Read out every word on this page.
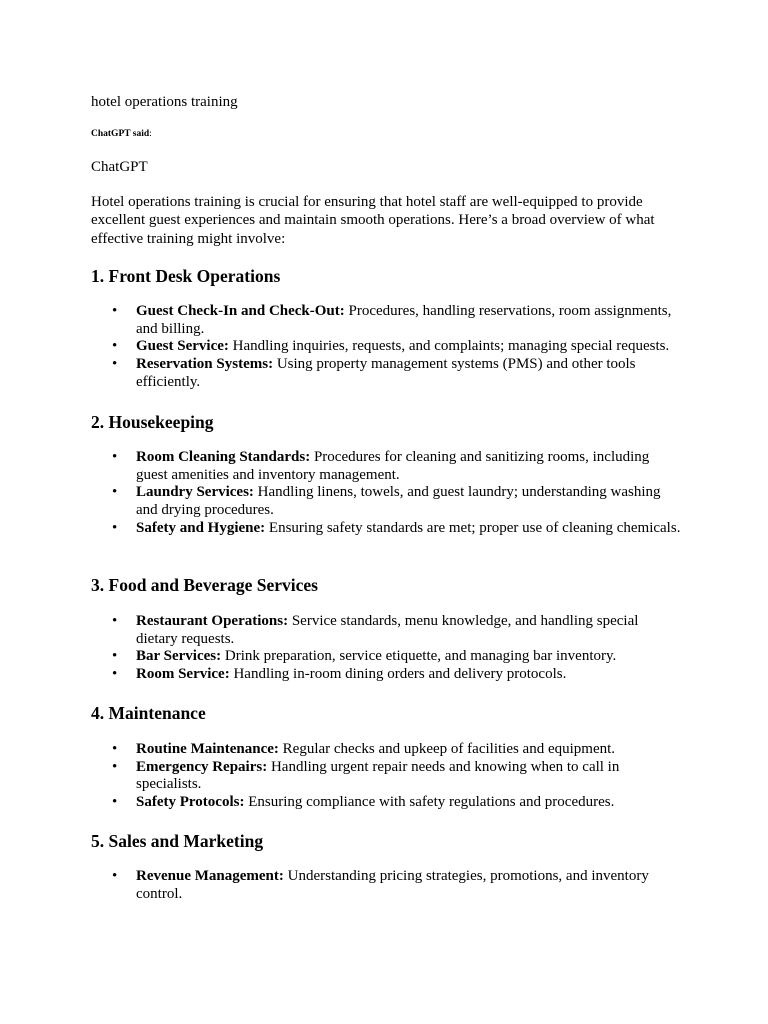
hotel operations training

ChatGPT said:

ChatGPT

Hotel operations training is crucial for ensuring that hotel staff are well-equipped to provide excellent guest experiences and maintain smooth operations. Here’s a broad overview of what effective training might involve:

1. Front Desk Operations
• Guest Check-In and Check-Out: Procedures, handling reservations, room assignments, and billing.
• Guest Service: Handling inquiries, requests, and complaints; managing special requests.
• Reservation Systems: Using property management systems (PMS) and other tools efficiently.
2. Housekeeping
• Room Cleaning Standards: Procedures for cleaning and sanitizing rooms, including guest amenities and inventory management.
• Laundry Services: Handling linens, towels, and guest laundry; understanding washing and drying procedures.
• Safety and Hygiene: Ensuring safety standards are met; proper use of cleaning chemicals.
3. Food and Beverage Services
• Restaurant Operations: Service standards, menu knowledge, and handling special dietary requests.
• Bar Services: Drink preparation, service etiquette, and managing bar inventory.
• Room Service: Handling in-room dining orders and delivery protocols.
4. Maintenance
• Routine Maintenance: Regular checks and upkeep of facilities and equipment.
• Emergency Repairs: Handling urgent repair needs and knowing when to call in specialists.
• Safety Protocols: Ensuring compliance with safety regulations and procedures.
5. Sales and Marketing
• Revenue Management: Understanding pricing strategies, promotions, and inventory control.
